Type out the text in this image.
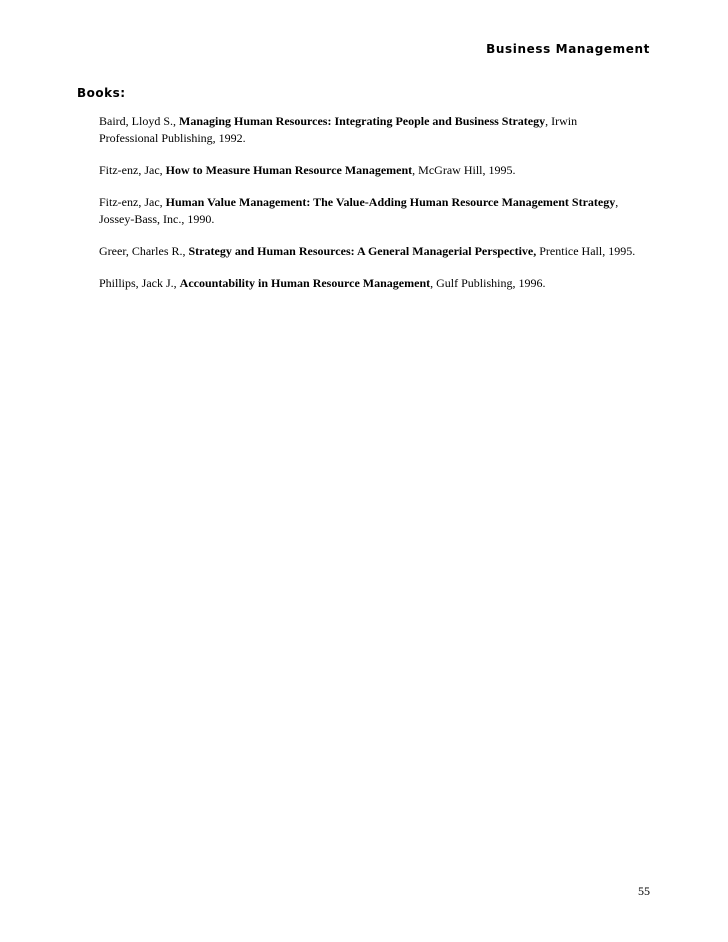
Business Management
Books:

Baird, Lloyd S., Managing Human Resources: Integrating People and Business Strategy, Irwin Professional Publishing, 1992.

Fitz-enz, Jac, How to Measure Human Resource Management, McGraw Hill, 1995.

Fitz-enz, Jac, Human Value Management: The Value-Adding Human Resource Management Strategy, Jossey-Bass, Inc., 1990.

Greer, Charles R., Strategy and Human Resources: A General Managerial Perspective, Prentice Hall, 1995.

Phillips, Jack J., Accountability in Human Resource Management, Gulf Publishing, 1996.

55
